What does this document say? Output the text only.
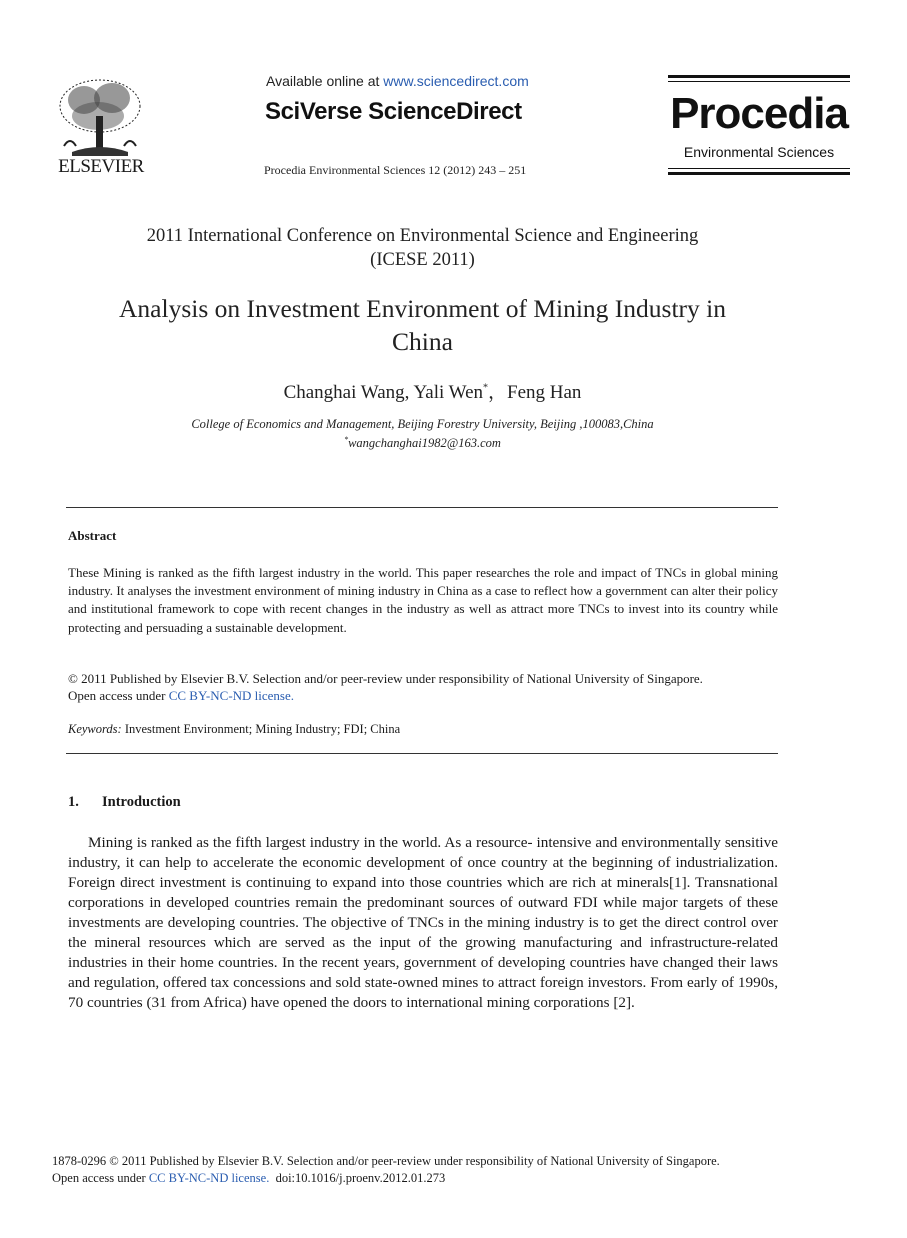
ELSEVIER
Available online at www.sciencedirect.com
SciVerse ScienceDirect
Procedia Environmental Sciences 12 (2012) 243 – 251
Procedia
Environmental Sciences
2011 International Conference on Environmental Science and Engineering
(ICESE 2011)
Analysis on Investment Environment of Mining Industry in
China
Changhai Wang, Yali Wen*，Feng Han
College of Economics and Management, Beijing Forestry University, Beijing ,100083,China
*wangchanghai1982@163.com
Abstract
These Mining is ranked as the fifth largest industry in the world. This paper researches the role and impact of TNCs in global mining industry. It analyses the investment environment of mining industry in China as a case to reflect how a government can alter their policy and institutional framework to cope with recent changes in the industry as well as attract more TNCs to invest into its country while protecting and persuading a sustainable development.
© 2011 Published by Elsevier B.V. Selection and/or peer-review under responsibility of National University of Singapore.
Open access under CC BY-NC-ND license.
Keywords: Investment Environment; Mining Industry; FDI; China
1. Introduction
Mining is ranked as the fifth largest industry in the world. As a resource- intensive and environmentally sensitive industry, it can help to accelerate the economic development of once country at the beginning of industrialization. Foreign direct investment is continuing to expand into those countries which are rich at minerals[1]. Transnational corporations in developed countries remain the predominant sources of outward FDI while major targets of these investments are developing countries. The objective of TNCs in the mining industry is to get the direct control over the mineral resources which are served as the input of the growing manufacturing and infrastructure-related industries in their home countries. In the recent years, government of developing countries have changed their laws and regulation, offered tax concessions and sold state-owned mines to attract foreign investors. From early of 1990s, 70 countries (31 from Africa) have opened the doors to international mining corporations [2].
1878-0296 © 2011 Published by Elsevier B.V. Selection and/or peer-review under responsibility of National University of Singapore.
Open access under CC BY-NC-ND license. doi:10.1016/j.proenv.2012.01.273
